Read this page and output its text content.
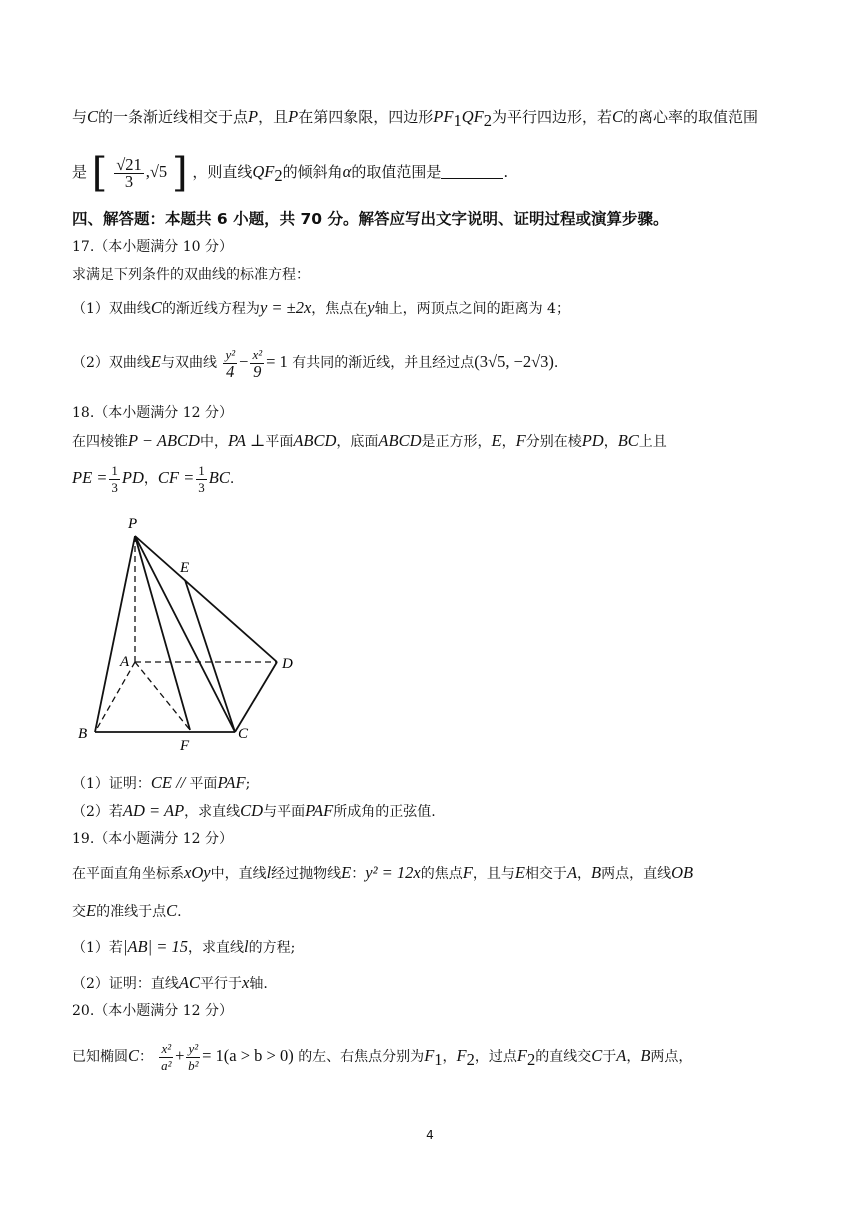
与C的一条渐近线相交于点P，且P在第四象限，四边形$PF_1QF_2$为平行四边形，若C的离心率的取值范围
是 [ $\frac{√21}{3} ,√5$ ] ，则直线$QF_2$的倾斜角α的取值范围是	.
四、解答题：本题共 6 小题，共 70 分。解答应写出文字说明、证明过程或演算步骤。
17.（本小题满分 10 分）
求满足下列条件的双曲线的标准方程：
（1）双曲线C的渐近线方程为y = ±2x，焦点在y轴上，两顶点之间的距离为 4；
（2）双曲线E与双曲线 $\frac{\text{y²}}{4} - \frac{\text{x²}}{9} = 1$ 有共同的渐近线，并且经过点(3√5, −2√3).
18.（本小题满分 12 分）
在四棱锥P − ABCD中，PA ⊥平面ABCD，底面ABCD是正方形，E，F分别在棱PD，BC上且
PE = $\frac{1}{3}$ PD，CF = $\frac{1}{3}$ BC.
P
E
A	D
B
F
C
（1）证明：CE // 平面PAF;
（2）若AD = AP，求直线CD与平面PAF所成角的正弦值.
19.（本小题满分 12 分）
在平面直角坐标系xOy中，直线l经过抛物线E：y² = 12x的焦点F，且与E相交于A，B两点，直线OB
交E的准线于点C.
（1）若|AB| = 15，求直线l的方程;
（2）证明：直线AC平行于x轴.
20.（本小题满分 12 分）
已知椭圆C： $\frac{\text{x²}}{\text{a²}} + \frac{\text{y²}}{\text{b²}} = 1(a > b > 0)$ 的左、右焦点分别为$F_1$，$F_2$，过点$F_2$的直线交C于A，B两点，
4
